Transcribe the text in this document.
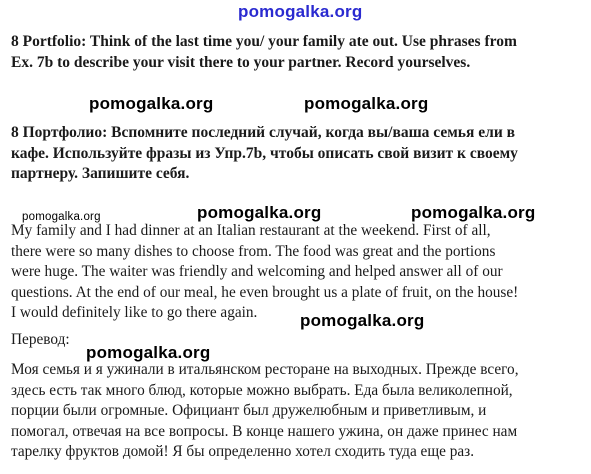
pomogalka.org
pomogalka.org	pomogalka.org
pomogalka.org	pomogalka.org	pomogalka.org
pomogalka.org
pomogalka.org
8 Portfolio: Think of the last time you/ your family ate out. Use phrases from
Ex. 7b to describe your visit there to your partner. Record yourselves.
8 Портфолио: Вспомните последний случай, когда вы/ваша семья ели в
кафе. Используйте фразы из Упр.7b, чтобы описать свой визит к своему
партнеру. Запишите себя.
My family and I had dinner at an Italian restaurant at the weekend. First of all,
there were so many dishes to choose from. The food was great and the portions
were huge. The waiter was friendly and welcoming and helped answer all of our
questions. At the end of our meal, he even brought us a plate of fruit, on the house!
I would definitely like to go there again.
Перевод:
Моя семья и я ужинали в итальянском ресторане на выходных. Прежде всего,
здесь есть так много блюд, которые можно выбрать. Еда была великолепной,
порции были огромные. Официант был дружелюбным и приветливым, и
помогал, отвечая на все вопросы. В конце нашего ужина, он даже принес нам
тарелку фруктов домой! Я бы определенно хотел сходить туда еще раз.
